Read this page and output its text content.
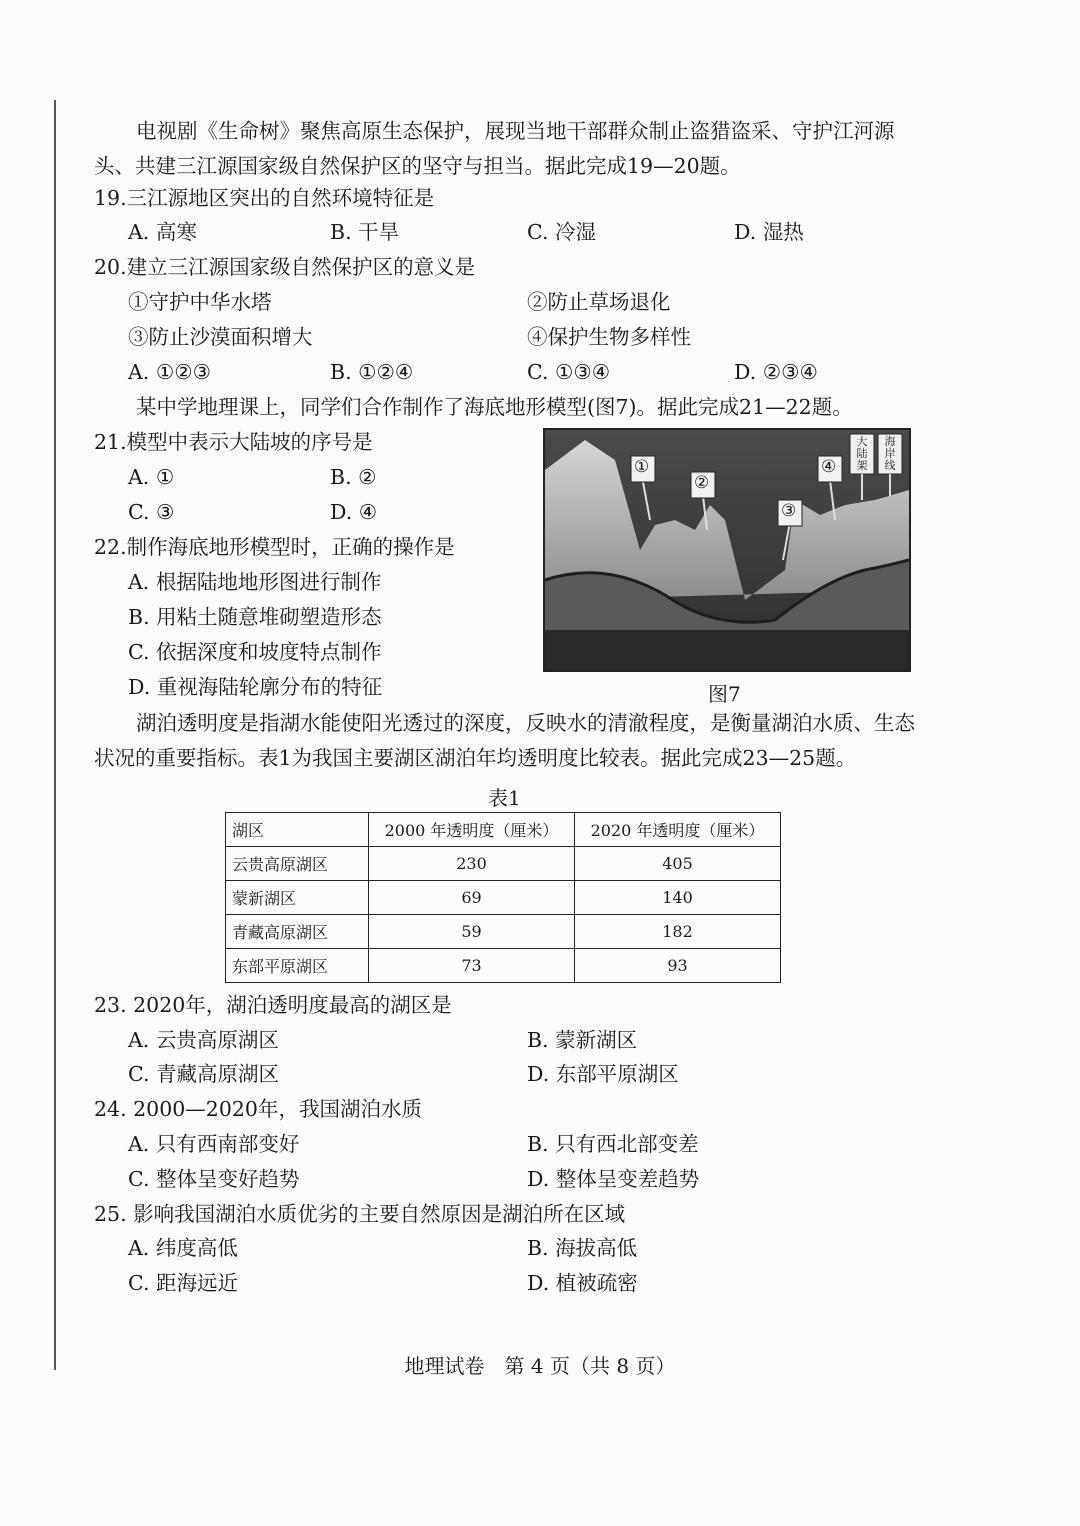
电视剧《生命树》聚焦高原生态保护，展现当地干部群众制止盗猎盗采、守护江河源头、共建三江源国家级自然保护区的坚守与担当。据此完成19—20题。
19.三江源地区突出的自然环境特征是
A. 高寒	B. 干旱	C. 冷湿	D. 湿热
20.建立三江源国家级自然保护区的意义是
①守护中华水塔	②防止草场退化
③防止沙漠面积增大	④保护生物多样性
A. ①②③	B. ①②④	C. ①③④	D. ②③④
某中学地理课上，同学们合作制作了海底地形模型(图7)。据此完成21—22题。
21.模型中表示大陆坡的序号是
A. ①	B. ②
C. ③	D. ④
22.制作海底地形模型时，正确的操作是
A. 根据陆地地形图进行制作
B. 用粘土随意堆砌塑造形态
C. 依据深度和坡度特点制作
D. 重视海陆轮廓分布的特征
①
②
③
④
大陆架
海岸线
图7
湖泊透明度是指湖水能使阳光透过的深度，反映水的清澈程度，是衡量湖泊水质、生态状况的重要指标。表1为我国主要湖区湖泊年均透明度比较表。据此完成23—25题。
表1
湖区	2000 年透明度（厘米）	2020 年透明度（厘米）
云贵高原湖区	230	405
蒙新湖区	69	140
青藏高原湖区	59	182
东部平原湖区	73	93
23. 2020年，湖泊透明度最高的湖区是
A. 云贵高原湖区	B. 蒙新湖区
C. 青藏高原湖区	D. 东部平原湖区
24. 2000—2020年，我国湖泊水质
A. 只有西南部变好	B. 只有西北部变差
C. 整体呈变好趋势	D. 整体呈变差趋势
25. 影响我国湖泊水质优劣的主要自然原因是湖泊所在区域
A. 纬度高低	B. 海拔高低
C. 距海远近	D. 植被疏密
地理试卷　第 4 页（共 8 页）
